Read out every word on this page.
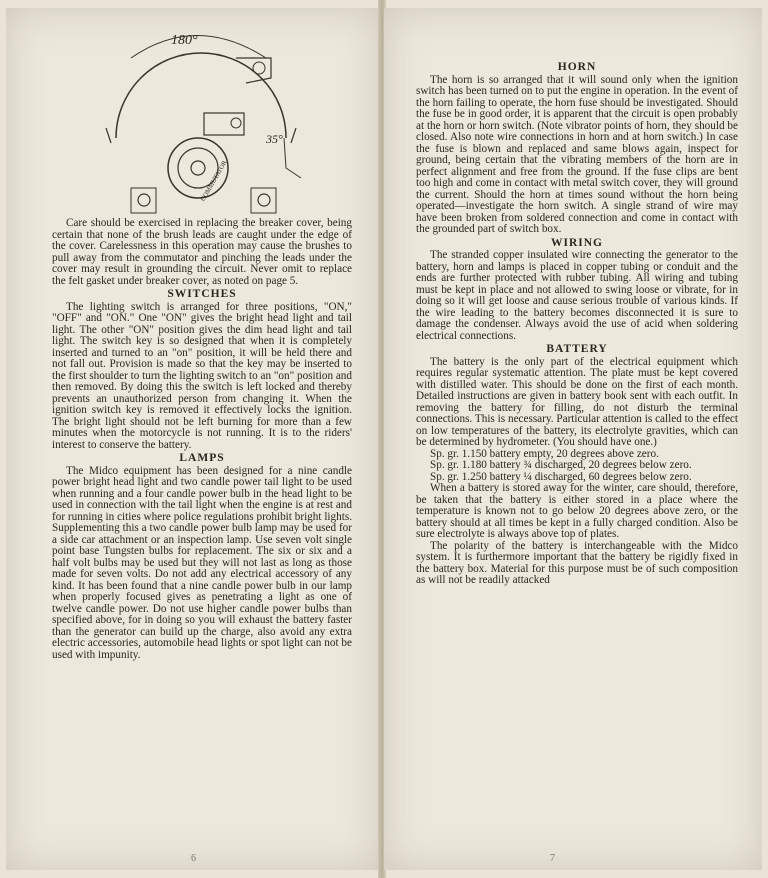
180°
35°
COMMUTATOR

Care should be exercised in replacing the breaker cover, being certain that none of the brush leads are caught under the edge of the cover. Carelessness in this operation may cause the brushes to pull away from the commutator and pinching the leads under the cover may result in grounding the circuit. Never omit to replace the felt gasket under breaker cover, as noted on page 5.

SWITCHES

The lighting switch is arranged for three positions, "ON," "OFF" and "ON." One "ON" gives the bright head light and tail light. The other "ON" position gives the dim head light and tail light. The switch key is so designed that when it is completely inserted and turned to an "on" position, it will be held there and not fall out. Provision is made so that the key may be inserted to the first shoulder to turn the lighting switch to an "on" position and then removed. By doing this the switch is left locked and thereby prevents an unauthorized person from changing it. When the ignition switch key is removed it effectively locks the ignition. The bright light should not be left burning for more than a few minutes when the motorcycle is not running. It is to the riders' interest to conserve the battery.

LAMPS

The Midco equipment has been designed for a nine candle power bright head light and two candle power tail light to be used when running and a four candle power bulb in the head light to be used in connection with the tail light when the engine is at rest and for running in cities where police regulations prohibit bright lights. Supplementing this a two candle power bulb lamp may be used for a side car attachment or an inspection lamp. Use seven volt single point base Tungsten bulbs for replacement. The six or six and a half volt bulbs may be used but they will not last as long as those made for seven volts. Do not add any electrical accessory of any kind. It has been found that a nine candle power bulb in our lamp when properly focused gives as penetrating a light as one of twelve candle power. Do not use higher candle power bulbs than specified above, for in doing so you will exhaust the battery faster than the generator can build up the charge, also avoid any extra electric accessories, automobile head lights or spot light can not be used with impunity.

6
HORN

The horn is so arranged that it will sound only when the ignition switch has been turned on to put the engine in operation. In the event of the horn failing to operate, the horn fuse should be investigated. Should the fuse be in good order, it is apparent that the circuit is open probably at the horn or horn switch. (Note vibrator points of horn, they should be closed. Also note wire connections in horn and at horn switch.) In case the fuse is blown and replaced and same blows again, inspect for ground, being certain that the vibrating members of the horn are in perfect alignment and free from the ground. If the fuse clips are bent too high and come in contact with metal switch cover, they will ground the current. Should the horn at times sound without the horn being operated—investigate the horn switch. A single strand of wire may have been broken from soldered connection and come in contact with the grounded part of switch box.

WIRING

The stranded copper insulated wire connecting the generator to the battery, horn and lamps is placed in copper tubing or conduit and the ends are further protected with rubber tubing. All wiring and tubing must be kept in place and not allowed to swing loose or vibrate, for in doing so it will get loose and cause serious trouble of various kinds. If the wire leading to the battery becomes disconnected it is sure to damage the condenser. Always avoid the use of acid when soldering electrical connections.

BATTERY

The battery is the only part of the electrical equipment which requires regular systematic attention. The plate must be kept covered with distilled water. This should be done on the first of each month. Detailed instructions are given in battery book sent with each outfit. In removing the battery for filling, do not disturb the terminal connections. This is necessary. Particular attention is called to the effect on low temperatures of the battery, its electrolyte gravities, which can be determined by hydrometer. (You should have one.)

Sp. gr. 1.150 battery empty, 20 degrees above zero.

Sp. gr. 1.180 battery ¾ discharged, 20 degrees below zero.

Sp. gr. 1.250 battery ¼ discharged, 60 degrees below zero.

When a battery is stored away for the winter, care should, therefore, be taken that the battery is either stored in a place where the temperature is known not to go below 20 degrees above zero, or the battery should at all times be kept in a fully charged condition. Also be sure electrolyte is always above top of plates.

The polarity of the battery is interchangeable with the Midco system. It is furthermore important that the battery be rigidly fixed in the battery box. Material for this purpose must be of such composition as will not be readily attacked

7
